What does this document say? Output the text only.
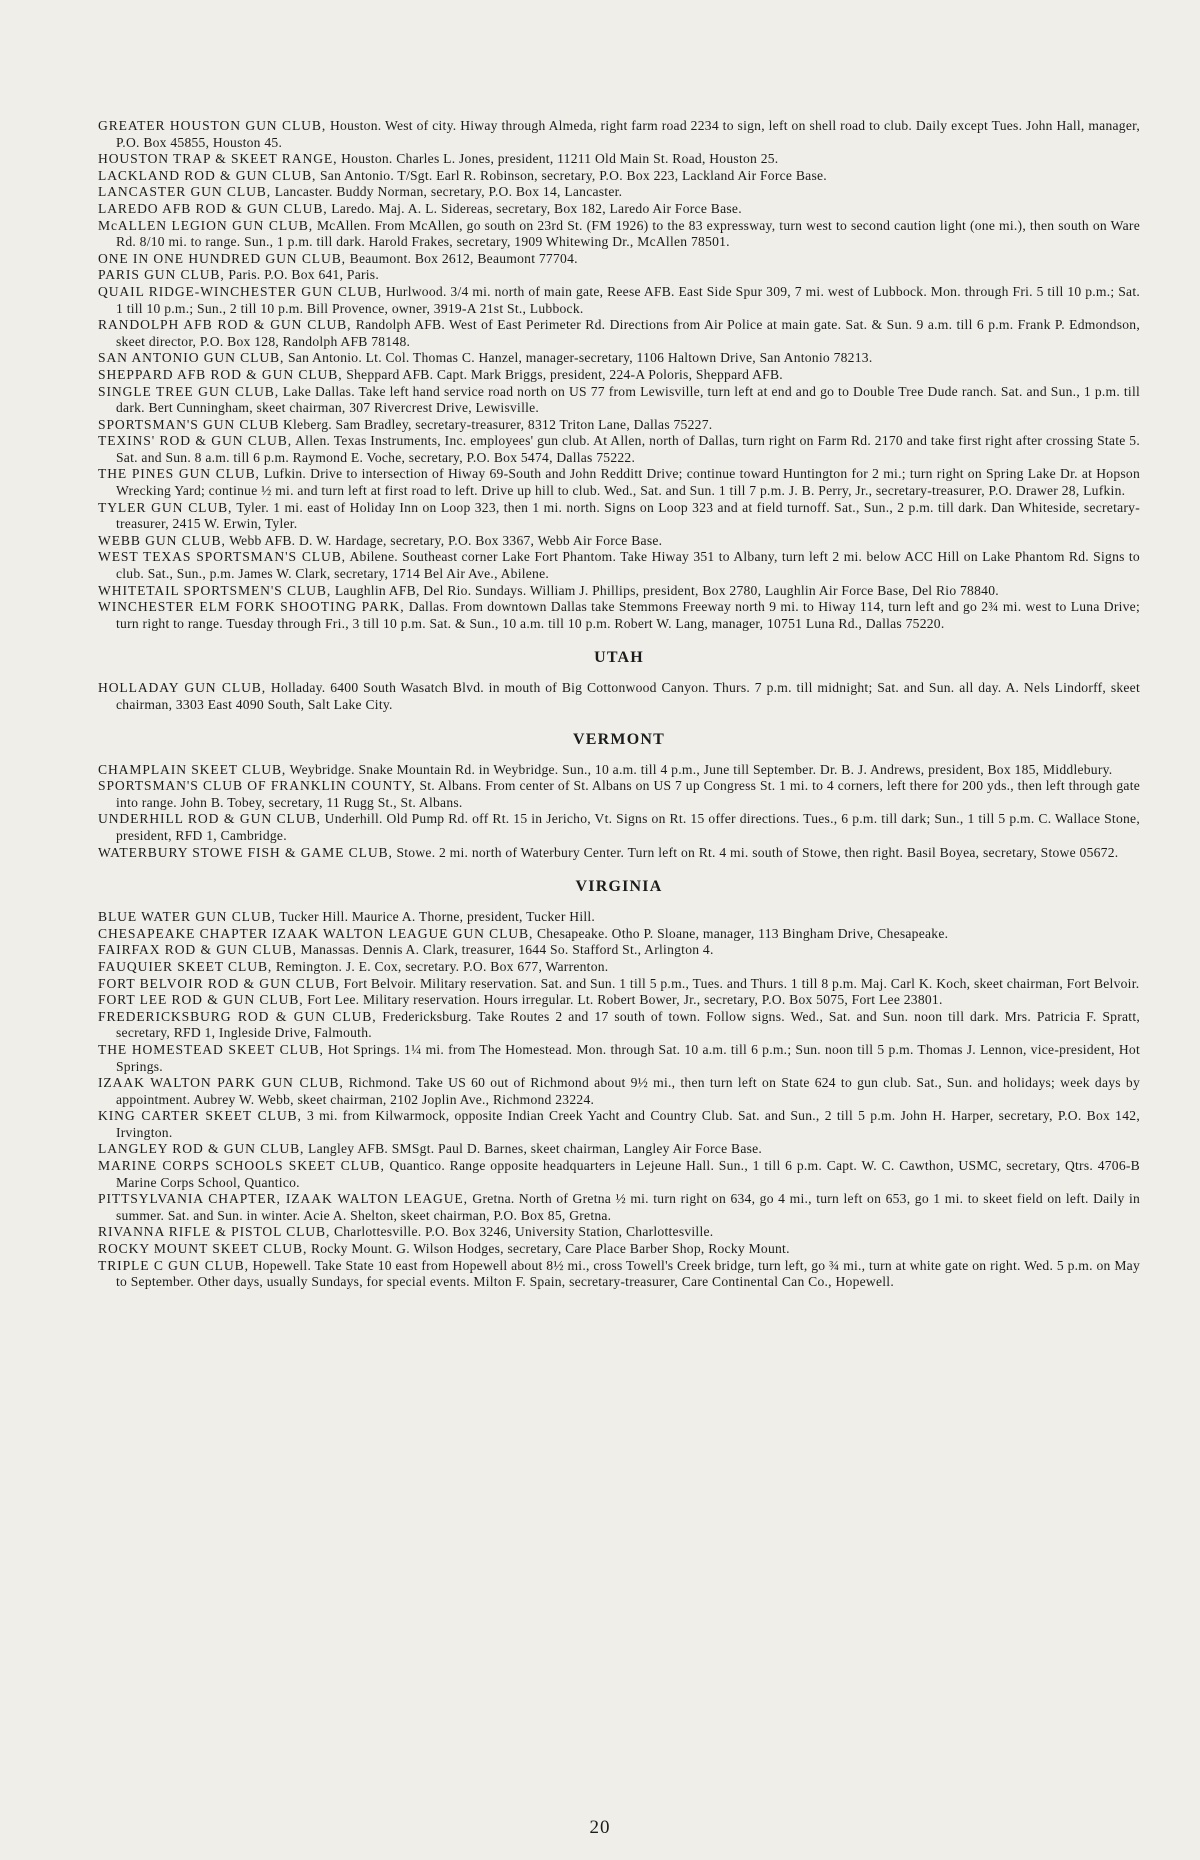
GREATER HOUSTON GUN CLUB, Houston. West of city. Hiway through Almeda, right farm road 2234 to sign, left on shell road to club. Daily except Tues. John Hall, manager, P.O. Box 45855, Houston 45.

HOUSTON TRAP & SKEET RANGE, Houston. Charles L. Jones, president, 11211 Old Main St. Road, Houston 25.

LACKLAND ROD & GUN CLUB, San Antonio. T/Sgt. Earl R. Robinson, secretary, P.O. Box 223, Lackland Air Force Base.

LANCASTER GUN CLUB, Lancaster. Buddy Norman, secretary, P.O. Box 14, Lancaster.

LAREDO AFB ROD & GUN CLUB, Laredo. Maj. A. L. Sidereas, secretary, Box 182, Laredo Air Force Base.

McALLEN LEGION GUN CLUB, McAllen. From McAllen, go south on 23rd St. (FM 1926) to the 83 expressway, turn west to second caution light (one mi.), then south on Ware Rd. 8/10 mi. to range. Sun., 1 p.m. till dark. Harold Frakes, secretary, 1909 Whitewing Dr., McAllen 78501.

ONE IN ONE HUNDRED GUN CLUB, Beaumont. Box 2612, Beaumont 77704.

PARIS GUN CLUB, Paris. P.O. Box 641, Paris.

QUAIL RIDGE-WINCHESTER GUN CLUB, Hurlwood. 3/4 mi. north of main gate, Reese AFB. East Side Spur 309, 7 mi. west of Lubbock. Mon. through Fri. 5 till 10 p.m.; Sat. 1 till 10 p.m.; Sun., 2 till 10 p.m. Bill Provence, owner, 3919-A 21st St., Lubbock.

RANDOLPH AFB ROD & GUN CLUB, Randolph AFB. West of East Perimeter Rd. Directions from Air Police at main gate. Sat. & Sun. 9 a.m. till 6 p.m. Frank P. Edmondson, skeet director, P.O. Box 128, Randolph AFB 78148.

SAN ANTONIO GUN CLUB, San Antonio. Lt. Col. Thomas C. Hanzel, manager-secretary, 1106 Haltown Drive, San Antonio 78213.

SHEPPARD AFB ROD & GUN CLUB, Sheppard AFB. Capt. Mark Briggs, president, 224-A Poloris, Sheppard AFB.

SINGLE TREE GUN CLUB, Lake Dallas. Take left hand service road north on US 77 from Lewisville, turn left at end and go to Double Tree Dude ranch. Sat. and Sun., 1 p.m. till dark. Bert Cunningham, skeet chairman, 307 Rivercrest Drive, Lewisville.

SPORTSMAN'S GUN CLUB Kleberg. Sam Bradley, secretary-treasurer, 8312 Triton Lane, Dallas 75227.

TEXINS' ROD & GUN CLUB, Allen. Texas Instruments, Inc. employees' gun club. At Allen, north of Dallas, turn right on Farm Rd. 2170 and take first right after crossing State 5. Sat. and Sun. 8 a.m. till 6 p.m. Raymond E. Voche, secretary, P.O. Box 5474, Dallas 75222.

THE PINES GUN CLUB, Lufkin. Drive to intersection of Hiway 69-South and John Redditt Drive; continue toward Huntington for 2 mi.; turn right on Spring Lake Dr. at Hopson Wrecking Yard; continue ½ mi. and turn left at first road to left. Drive up hill to club. Wed., Sat. and Sun. 1 till 7 p.m. J. B. Perry, Jr., secretary-treasurer, P.O. Drawer 28, Lufkin.

TYLER GUN CLUB, Tyler. 1 mi. east of Holiday Inn on Loop 323, then 1 mi. north. Signs on Loop 323 and at field turnoff. Sat., Sun., 2 p.m. till dark. Dan Whiteside, secretary-treasurer, 2415 W. Erwin, Tyler.

WEBB GUN CLUB, Webb AFB. D. W. Hardage, secretary, P.O. Box 3367, Webb Air Force Base.

WEST TEXAS SPORTSMAN'S CLUB, Abilene. Southeast corner Lake Fort Phantom. Take Hiway 351 to Albany, turn left 2 mi. below ACC Hill on Lake Phantom Rd. Signs to club. Sat., Sun., p.m. James W. Clark, secretary, 1714 Bel Air Ave., Abilene.

WHITETAIL SPORTSMEN'S CLUB, Laughlin AFB, Del Rio. Sundays. William J. Phillips, president, Box 2780, Laughlin Air Force Base, Del Rio 78840.

WINCHESTER ELM FORK SHOOTING PARK, Dallas. From downtown Dallas take Stemmons Freeway north 9 mi. to Hiway 114, turn left and go 2¾ mi. west to Luna Drive; turn right to range. Tuesday through Fri., 3 till 10 p.m. Sat. & Sun., 10 a.m. till 10 p.m. Robert W. Lang, manager, 10751 Luna Rd., Dallas 75220.

UTAH

HOLLADAY GUN CLUB, Holladay. 6400 South Wasatch Blvd. in mouth of Big Cottonwood Canyon. Thurs. 7 p.m. till midnight; Sat. and Sun. all day. A. Nels Lindorff, skeet chairman, 3303 East 4090 South, Salt Lake City.

VERMONT

CHAMPLAIN SKEET CLUB, Weybridge. Snake Mountain Rd. in Weybridge. Sun., 10 a.m. till 4 p.m., June till September. Dr. B. J. Andrews, president, Box 185, Middlebury.

SPORTSMAN'S CLUB OF FRANKLIN COUNTY, St. Albans. From center of St. Albans on US 7 up Congress St. 1 mi. to 4 corners, left there for 200 yds., then left through gate into range. John B. Tobey, secretary, 11 Rugg St., St. Albans.

UNDERHILL ROD & GUN CLUB, Underhill. Old Pump Rd. off Rt. 15 in Jericho, Vt. Signs on Rt. 15 offer directions. Tues., 6 p.m. till dark; Sun., 1 till 5 p.m. C. Wallace Stone, president, RFD 1, Cambridge.

WATERBURY STOWE FISH & GAME CLUB, Stowe. 2 mi. north of Waterbury Center. Turn left on Rt. 4 mi. south of Stowe, then right. Basil Boyea, secretary, Stowe 05672.

VIRGINIA

BLUE WATER GUN CLUB, Tucker Hill. Maurice A. Thorne, president, Tucker Hill.

CHESAPEAKE CHAPTER IZAAK WALTON LEAGUE GUN CLUB, Chesapeake. Otho P. Sloane, manager, 113 Bingham Drive, Chesapeake.

FAIRFAX ROD & GUN CLUB, Manassas. Dennis A. Clark, treasurer, 1644 So. Stafford St., Arlington 4.

FAUQUIER SKEET CLUB, Remington. J. E. Cox, secretary. P.O. Box 677, Warrenton.

FORT BELVOIR ROD & GUN CLUB, Fort Belvoir. Military reservation. Sat. and Sun. 1 till 5 p.m., Tues. and Thurs. 1 till 8 p.m. Maj. Carl K. Koch, skeet chairman, Fort Belvoir.

FORT LEE ROD & GUN CLUB, Fort Lee. Military reservation. Hours irregular. Lt. Robert Bower, Jr., secretary, P.O. Box 5075, Fort Lee 23801.

FREDERICKSBURG ROD & GUN CLUB, Fredericksburg. Take Routes 2 and 17 south of town. Follow signs. Wed., Sat. and Sun. noon till dark. Mrs. Patricia F. Spratt, secretary, RFD 1, Ingleside Drive, Falmouth.

THE HOMESTEAD SKEET CLUB, Hot Springs. 1¼ mi. from The Homestead. Mon. through Sat. 10 a.m. till 6 p.m.; Sun. noon till 5 p.m. Thomas J. Lennon, vice-president, Hot Springs.

IZAAK WALTON PARK GUN CLUB, Richmond. Take US 60 out of Richmond about 9½ mi., then turn left on State 624 to gun club. Sat., Sun. and holidays; week days by appointment. Aubrey W. Webb, skeet chairman, 2102 Joplin Ave., Richmond 23224.

KING CARTER SKEET CLUB, 3 mi. from Kilwarmock, opposite Indian Creek Yacht and Country Club. Sat. and Sun., 2 till 5 p.m. John H. Harper, secretary, P.O. Box 142, Irvington.

LANGLEY ROD & GUN CLUB, Langley AFB. SMSgt. Paul D. Barnes, skeet chairman, Langley Air Force Base.

MARINE CORPS SCHOOLS SKEET CLUB, Quantico. Range opposite headquarters in Lejeune Hall. Sun., 1 till 6 p.m. Capt. W. C. Cawthon, USMC, secretary, Qtrs. 4706-B Marine Corps School, Quantico.

PITTSYLVANIA CHAPTER, IZAAK WALTON LEAGUE, Gretna. North of Gretna ½ mi. turn right on 634, go 4 mi., turn left on 653, go 1 mi. to skeet field on left. Daily in summer. Sat. and Sun. in winter. Acie A. Shelton, skeet chairman, P.O. Box 85, Gretna.

RIVANNA RIFLE & PISTOL CLUB, Charlottesville. P.O. Box 3246, University Station, Charlottesville.

ROCKY MOUNT SKEET CLUB, Rocky Mount. G. Wilson Hodges, secretary, Care Place Barber Shop, Rocky Mount.

TRIPLE C GUN CLUB, Hopewell. Take State 10 east from Hopewell about 8½ mi., cross Towell's Creek bridge, turn left, go ¾ mi., turn at white gate on right. Wed. 5 p.m. on May to September. Other days, usually Sundays, for special events. Milton F. Spain, secretary-treasurer, Care Continental Can Co., Hopewell.

20
